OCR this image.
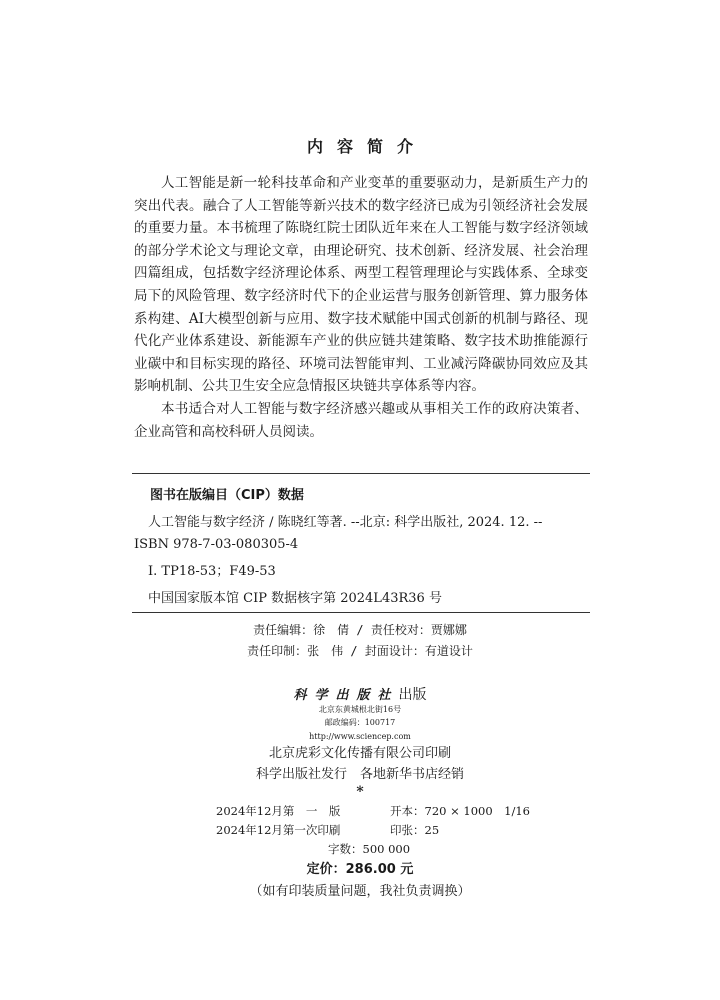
内容简介

人工智能是新一轮科技革命和产业变革的重要驱动力，是新质生产力的突出代表。融合了人工智能等新兴技术的数字经济已成为引领经济社会发展的重要力量。本书梳理了陈晓红院士团队近年来在人工智能与数字经济领域的部分学术论文与理论文章，由理论研究、技术创新、经济发展、社会治理四篇组成，包括数字经济理论体系、两型工程管理理论与实践体系、全球变局下的风险管理、数字经济时代下的企业运营与服务创新管理、算力服务体系构建、AI大模型创新与应用、数字技术赋能中国式创新的机制与路径、现代化产业体系建设、新能源车产业的供应链共建策略、数字技术助推能源行业碳中和目标实现的路径、环境司法智能审判、工业减污降碳协同效应及其影响机制、公共卫生安全应急情报区块链共享体系等内容。

本书适合对人工智能与数字经济感兴趣或从事相关工作的政府决策者、企业高管和高校科研人员阅读。

图书在版编目（CIP）数据
人工智能与数字经济 / 陈晓红等著. --北京: 科学出版社, 2024. 12. --
ISBN 978-7-03-080305-4
Ⅰ. TP18-53；F49-53
中国国家版本馆 CIP 数据核字第 2024L43R36 号
责任编辑：徐　倩 / 责任校对：贾娜娜
责任印制：张　伟 / 封面设计：有道设计
科学出版社出版
北京东黄城根北街16号
邮政编码：100717
http://www.sciencep.com
北京虎彩文化传播有限公司印刷
科学出版社发行　各地新华书店经销
*
2024年12月第　一　版	开本：720 × 1000　1/16
2024年12月第一次印刷	印张：25
字数：500 000
定价：286.00 元
（如有印装质量问题，我社负责调换）
